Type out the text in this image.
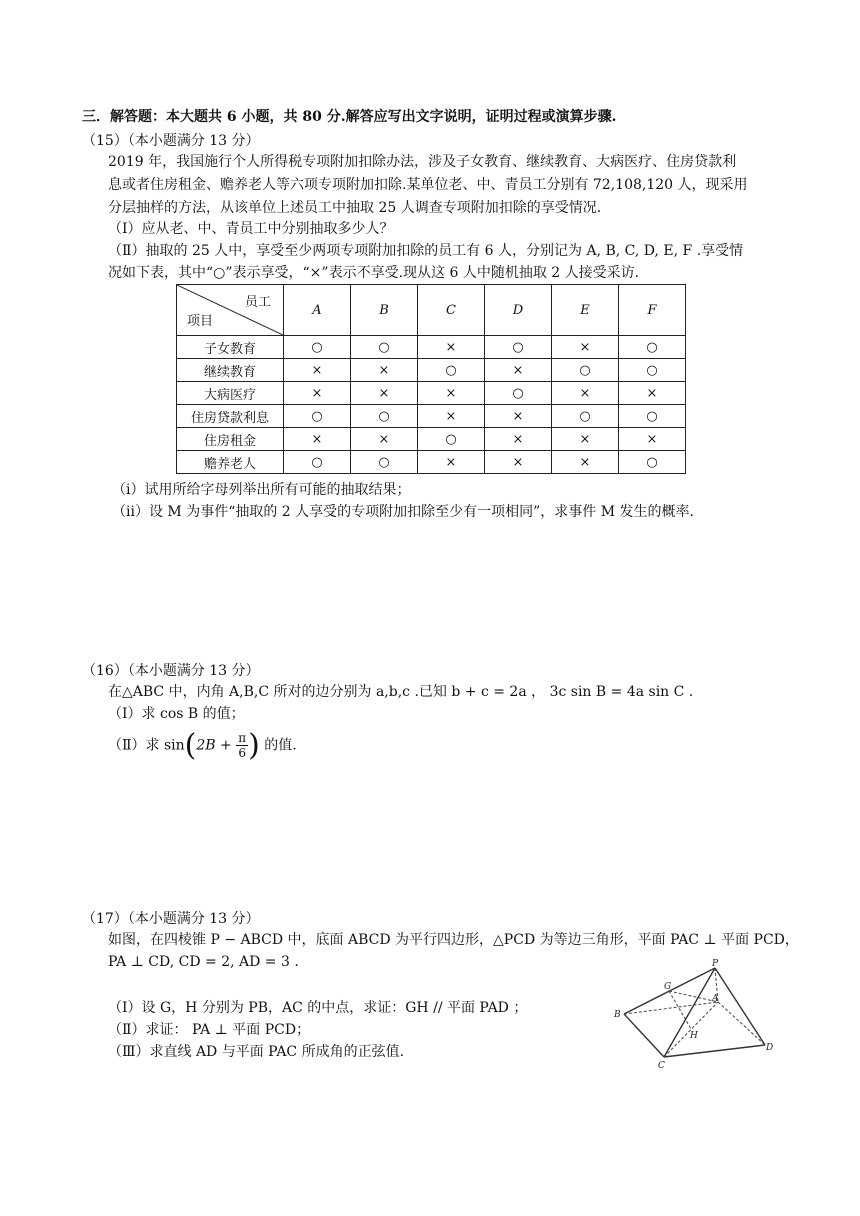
三．解答题：本大题共 6 小题，共 80 分.解答应写出文字说明，证明过程或演算步骤.
（15）（本小题满分 13 分）
2019 年，我国施行个人所得税专项附加扣除办法，涉及子女教育、继续教育、大病医疗、住房贷款利
息或者住房租金、赡养老人等六项专项附加扣除.某单位老、中、青员工分别有 72,108,120 人，现采用
分层抽样的方法，从该单位上述员工中抽取 25 人调查专项附加扣除的享受情况.
（Ⅰ）应从老、中、青员工中分别抽取多少人？
（Ⅱ）抽取的 25 人中，享受至少两项专项附加扣除的员工有 6 人，分别记为 A, B, C, D, E, F .享受情
况如下表，其中“○”表示享受，“×”表示不享受.现从这 6 人中随机抽取 2 人接受采访.
员工
项目	A	B	C	D	E	F
子女教育	○	○	×	○	×	○
继续教育	×	×	○	×	○	○
大病医疗	×	×	×	○	×	×
住房贷款利息	○	○	×	×	○	○
住房租金	×	×	○	×	×	×
赡养老人	○	○	×	×	×	○
（i）试用所给字母列举出所有可能的抽取结果；
（ii）设 M 为事件“抽取的 2 人享受的专项附加扣除至少有一项相同”，求事件 M 发生的概率.
（16）（本小题满分 13 分）
在△ABC 中，内角 A,B,C 所对的边分别为 a,b,c .已知 b + c = 2a ， 3c sin B = 4a sin C .
（Ⅰ）求 cos B 的值；
（Ⅱ）求 $\sin(2B + \frac{\pi}{6}$ ) 的值.
（17）（本小题满分 13 分）
如图，在四棱锥 P − ABCD 中，底面 ABCD 为平行四边形，△PCD 为等边三角形，平面 PAC ⊥ 平面 PCD，
PA ⊥ CD, CD = 2, AD = 3 .
（Ⅰ）设 G，H 分别为 PB，AC 的中点，求证：GH // 平面 PAD ；
（Ⅱ）求证： PA ⊥ 平面 PCD；
（Ⅲ）求直线 AD 与平面 PAC 所成角的正弦值.
P
G
A
B
H
C
D
